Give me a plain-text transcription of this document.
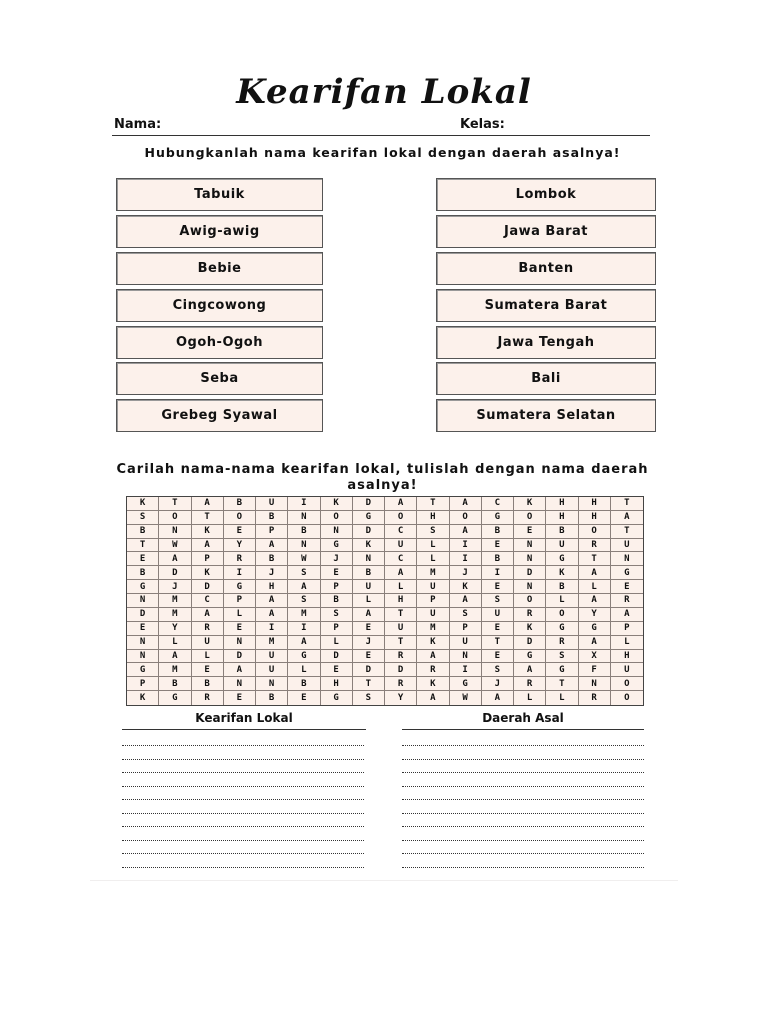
Kearifan Lokal
Nama:	Kelas:
Hubungkanlah nama kearifan lokal dengan daerah asalnya!
Tabuik
Awig-awig
Bebie
Cingcowong
Ogoh-Ogoh
Seba
Grebeg Syawal
Lombok
Jawa Barat
Banten
Sumatera Barat
Jawa Tengah
Bali
Sumatera Selatan
Carilah nama-nama kearifan lokal, tulislah dengan nama daerah asalnya!
K	T	A	B	U	I	K	D	A	T	A	C	K	H	H	T
S	O	T	O	B	N	O	G	O	H	O	G	O	H	H	A
B	N	K	E	P	B	N	D	C	S	A	B	E	B	O	T
T	W	A	Y	A	N	G	K	U	L	I	E	N	U	R	U
E	A	P	R	B	W	J	N	C	L	I	B	N	G	T	N
B	D	K	I	J	S	E	B	A	M	J	I	D	K	A	G
G	J	D	G	H	A	P	U	L	U	K	E	N	B	L	E
N	M	C	P	A	S	B	L	H	P	A	S	O	L	A	R
D	M	A	L	A	M	S	A	T	U	S	U	R	O	Y	A
E	Y	R	E	I	I	P	E	U	M	P	E	K	G	G	P
N	L	U	N	M	A	L	J	T	K	U	T	D	R	A	L
N	A	L	D	U	G	D	E	R	A	N	E	G	S	X	H
G	M	E	A	U	L	E	D	D	R	I	S	A	G	F	U
P	B	B	N	N	B	H	T	R	K	G	J	R	T	N	O
K	G	R	E	B	E	G	S	Y	A	W	A	L	L	R	O
Kearifan Lokal	Daerah Asal
